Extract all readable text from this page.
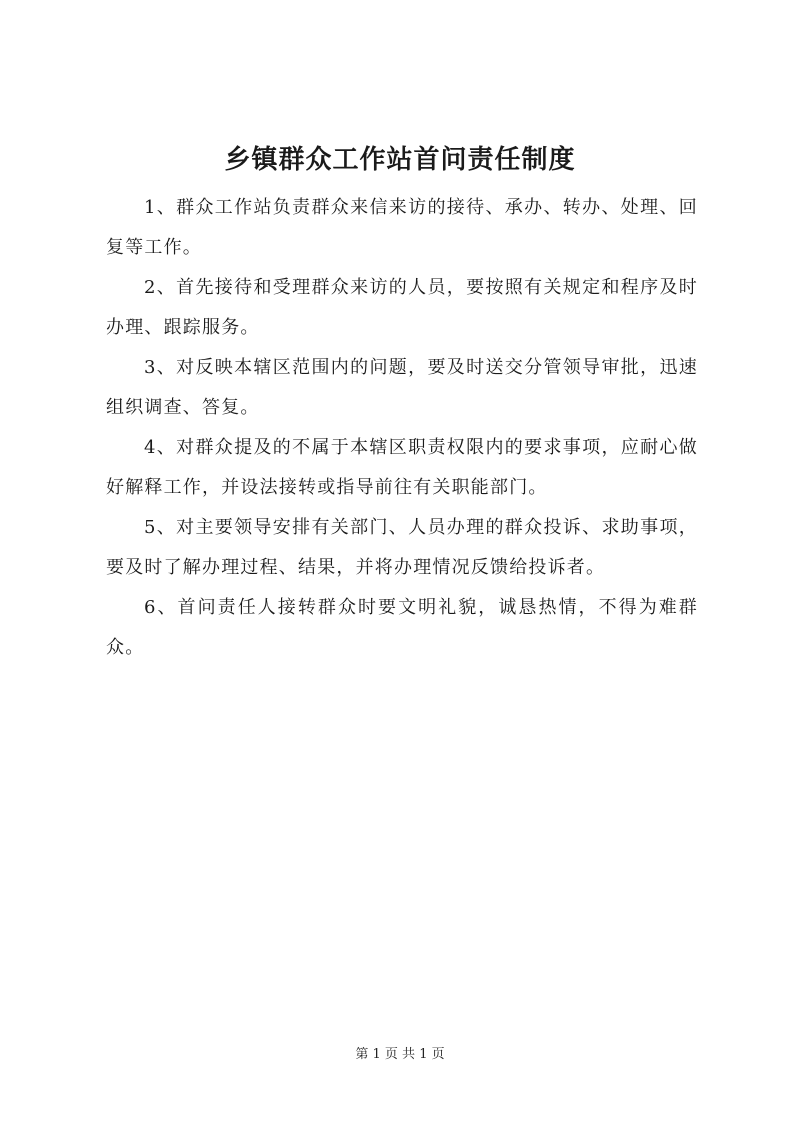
乡镇群众工作站首问责任制度

1、群众工作站负责群众来信来访的接待、承办、转办、处理、回复等工作。

2、首先接待和受理群众来访的人员，要按照有关规定和程序及时办理、跟踪服务。

3、对反映本辖区范围内的问题，要及时送交分管领导审批，迅速组织调查、答复。

4、对群众提及的不属于本辖区职责权限内的要求事项，应耐心做好解释工作，并设法接转或指导前往有关职能部门。

5、对主要领导安排有关部门、人员办理的群众投诉、求助事项，要及时了解办理过程、结果，并将办理情况反馈给投诉者。

6、首问责任人接转群众时要文明礼貌，诚恳热情，不得为难群众。

第 1 页 共 1 页
